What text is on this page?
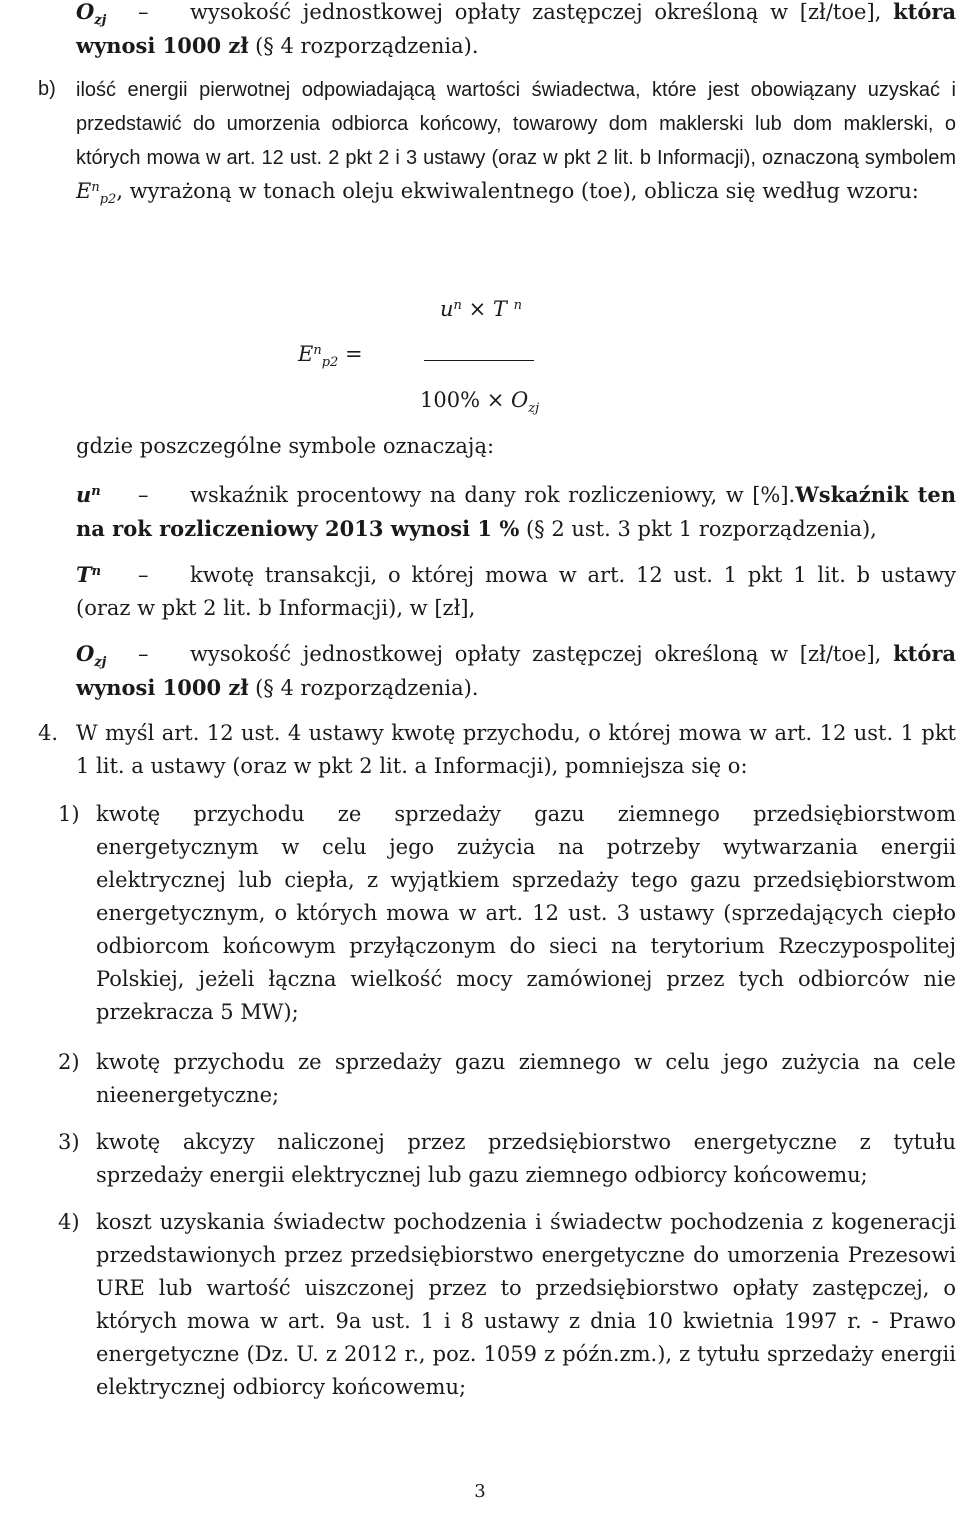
$O_{zj}$ – wysokość jednostkowej opłaty zastępczej określoną w [zł/toe], która wynosi 1000 zł (§ 4 rozporządzenia).
b) ilość energii pierwotnej odpowiadającą wartości świadectwa, które jest obowiązany uzyskać i przedstawić do umorzenia odbiorca końcowy, towarowy dom maklerski lub dom maklerski, o których mowa w art. 12 ust. 2 pkt 2 i 3 ustawy (oraz w pkt 2 lit. b Informacji), oznaczoną symbolem $E^n_{p2}$, wyrażoną w tonach oleju ekwiwalentnego (toe), oblicza się według wzoru:
$u^n \times T$ $^n$
$E^n_{p2}$ =
$100\% \times O_{zj}$
gdzie poszczególne symbole oznaczają:
$u^n$ – wskaźnik procentowy na dany rok rozliczeniowy, w [%].Wskaźnik ten na rok rozliczeniowy 2013 wynosi 1 % (§ 2 ust. 3 pkt 1 rozporządzenia),
$T^n$ – kwotę transakcji, o której mowa w art. 12 ust. 1 pkt 1 lit. b ustawy (oraz w pkt 2 lit. b Informacji), w [zł],
$O_{zj}$ – wysokość jednostkowej opłaty zastępczej określoną w [zł/toe], która wynosi 1000 zł (§ 4 rozporządzenia).
4. W myśl art. 12 ust. 4 ustawy kwotę przychodu, o której mowa w art. 12 ust. 1 pkt 1 lit. a ustawy (oraz w pkt 2 lit. a Informacji), pomniejsza się o:
1) kwotę przychodu ze sprzedaży gazu ziemnego przedsiębiorstwom energetycznym w celu jego zużycia na potrzeby wytwarzania energii elektrycznej lub ciepła, z wyjątkiem sprzedaży tego gazu przedsiębiorstwom energetycznym, o których mowa w art. 12 ust. 3 ustawy (sprzedających ciepło odbiorcom końcowym przyłączonym do sieci na terytorium Rzeczypospolitej Polskiej, jeżeli łączna wielkość mocy zamówionej przez tych odbiorców nie przekracza 5 MW);
2) kwotę przychodu ze sprzedaży gazu ziemnego w celu jego zużycia na cele nieenergetyczne;
3) kwotę akcyzy naliczonej przez przedsiębiorstwo energetyczne z tytułu sprzedaży energii elektrycznej lub gazu ziemnego odbiorcy końcowemu;
4) koszt uzyskania świadectw pochodzenia i świadectw pochodzenia z kogeneracji przedstawionych przez przedsiębiorstwo energetyczne do umorzenia Prezesowi URE lub wartość uiszczonej przez to przedsiębiorstwo opłaty zastępczej, o których mowa w art. 9a ust. 1 i 8 ustawy z dnia 10 kwietnia 1997 r. - Prawo energetyczne (Dz. U. z 2012 r., poz. 1059 z późn.zm.), z tytułu sprzedaży energii elektrycznej odbiorcy końcowemu;
3
